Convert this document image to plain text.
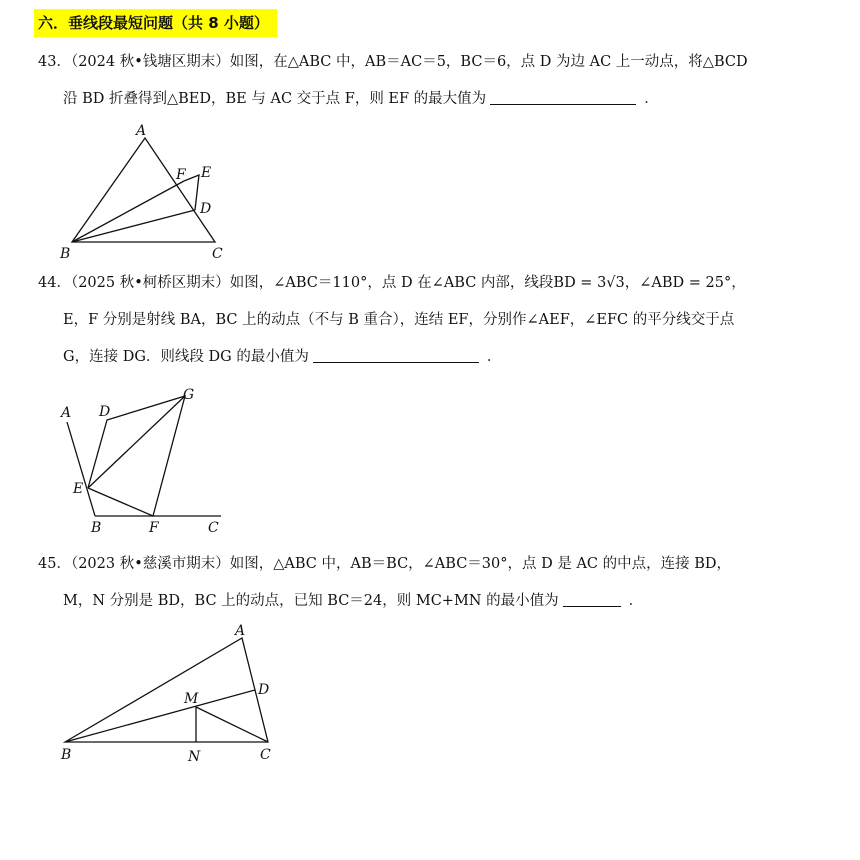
六．垂线段最短问题（共 8 小题）
43．（2024 秋•钱塘区期末）如图，在△ABC 中，AB＝AC＝5，BC＝6，点 D 为边 AC 上一动点，将△BCD
沿 BD 折叠得到△BED，BE 与 AC 交于点 F，则 EF 的最大值为	．
A
B	C
D
E
F
44．（2025 秋•柯桥区期末）如图，∠ABC＝110°，点 D 在∠ABC 内部，线段BD = 3√3，∠ABD = 25°，
E，F 分别是射线 BA，BC 上的动点（不与 B 重合），连结 EF，分别作∠AEF，∠EFC 的平分线交于点
G，连接 DG．则线段 DG 的最小值为	．
A D
G
E
B	F	C
45．（2023 秋•慈溪市期末）如图，△ABC 中，AB＝BC，∠ABC＝30°，点 D 是 AC 的中点，连接 BD，
M，N 分别是 BD，BC 上的动点，已知 BC＝24，则 MC+MN 的最小值为	．
A
D
M
B	N	C
